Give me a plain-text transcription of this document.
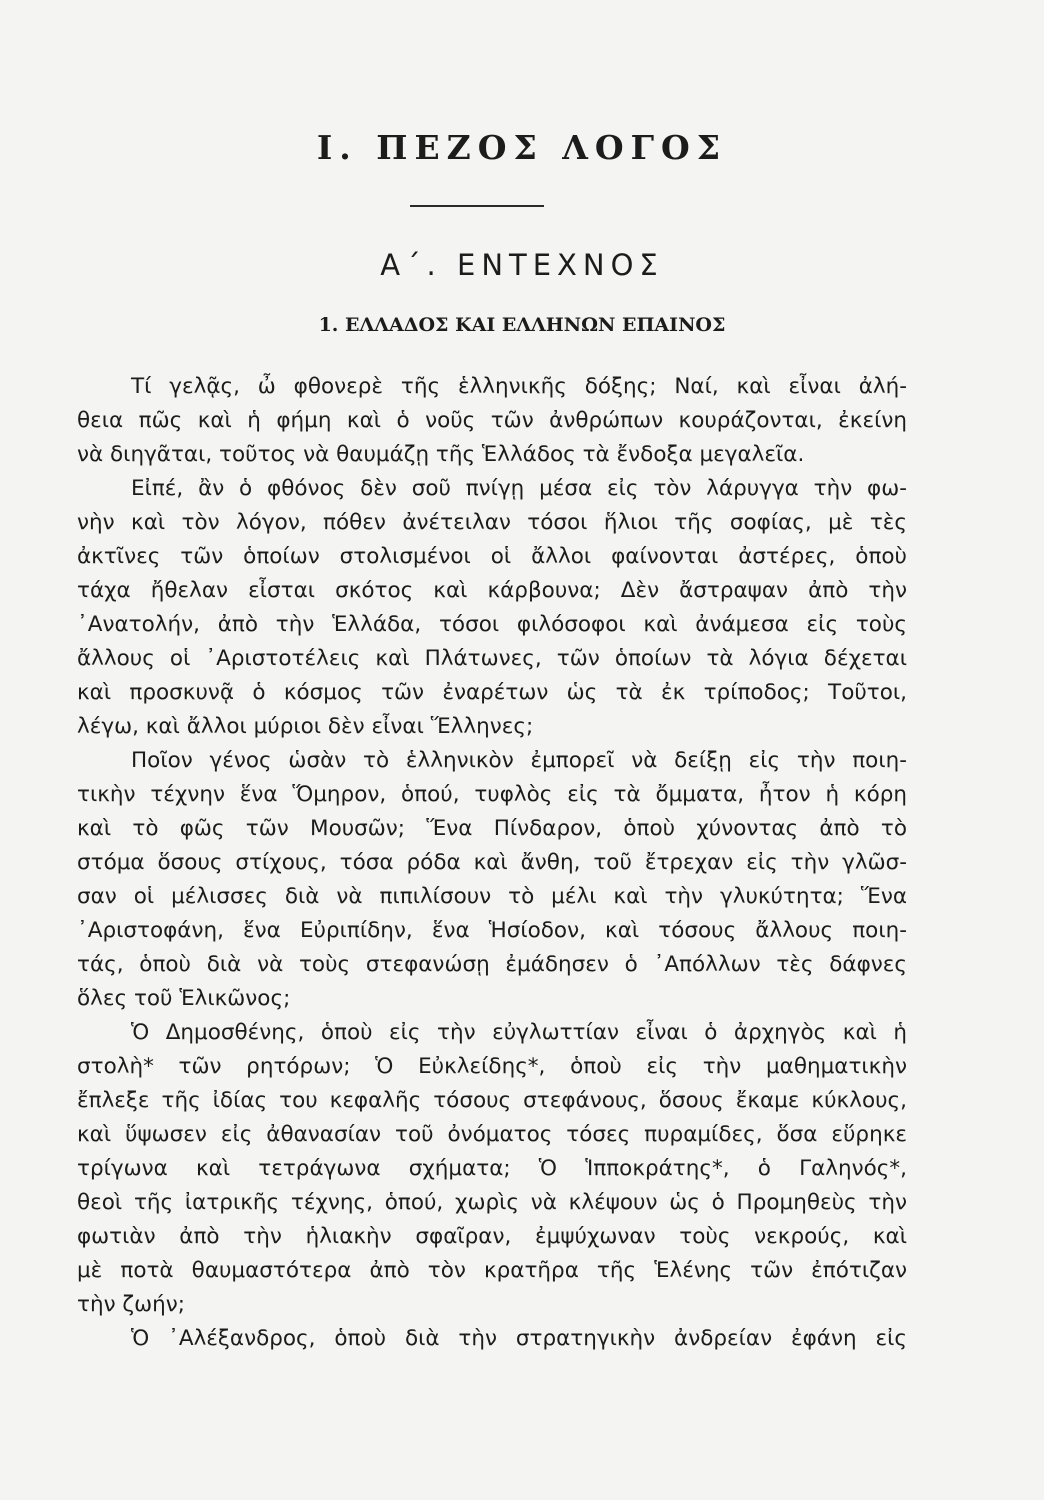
Ι. ΠΕΖΟΣ ΛΟΓΟΣ
Α΄. ΕΝΤΕΧΝΟΣ
1. ΕΛΛΑΔΟΣ ΚΑΙ ΕΛΛΗΝΩΝ ΕΠΑΙΝΟΣ
Τί γελᾷς, ὦ φθονερὲ τῆς ἑλληνικῆς δόξης; Ναί, καὶ εἶναι ἀλή-
θεια πῶς καὶ ἡ φήμη καὶ ὁ νοῦς τῶν ἀνθρώπων κουράζονται, ἐκείνη
νὰ διηγᾶται, τοῦτος νὰ θαυμάζῃ τῆς Ἑλλάδος τὰ ἔνδοξα μεγαλεῖα.
Εἰπέ, ἂν ὁ φθόνος δὲν σοῦ πνίγῃ μέσα εἰς τὸν λάρυγγα τὴν φω-
νὴν καὶ τὸν λόγον, πόθεν ἀνέτειλαν τόσοι ἥλιοι τῆς σοφίας, μὲ τὲς
ἀκτῖνες τῶν ὁποίων στολισμένοι οἱ ἄλλοι φαίνονται ἀστέρες, ὁποὺ
τάχα ἤθελαν εἶσται σκότος καὶ κάρβουνα; Δὲν ἄστραψαν ἀπὸ τὴν
᾿Ανατολήν, ἀπὸ τὴν Ἑλλάδα, τόσοι φιλόσοφοι καὶ ἀνάμεσα εἰς τοὺς
ἄλλους οἱ ᾿Αριστοτέλεις καὶ Πλάτωνες, τῶν ὁποίων τὰ λόγια δέχεται
καὶ προσκυνᾷ ὁ κόσμος τῶν ἐναρέτων ὡς τὰ ἐκ τρίποδος; Τοῦτοι,
λέγω, καὶ ἄλλοι μύριοι δὲν εἶναι Ἕλληνες;
Ποῖον γένος ὡσὰν τὸ ἑλληνικὸν ἐμπορεῖ νὰ δείξῃ εἰς τὴν ποιη-
τικὴν τέχνην ἕνα Ὅμηρον, ὁπού, τυφλὸς εἰς τὰ ὄμματα, ἦτον ἡ κόρη
καὶ τὸ φῶς τῶν Μουσῶν; Ἕνα Πίνδαρον, ὁποὺ χύνοντας ἀπὸ τὸ
στόμα ὅσους στίχους, τόσα ρόδα καὶ ἄνθη, τοῦ ἔτρεχαν εἰς τὴν γλῶσ-
σαν οἱ μέλισσες διὰ νὰ πιπιλίσουν τὸ μέλι καὶ τὴν γλυκύτητα; Ἕνα
᾿Αριστοφάνη, ἕνα Εὐριπίδην, ἕνα Ἡσίοδον, καὶ τόσους ἄλλους ποιη-
τάς, ὁποὺ διὰ νὰ τοὺς στεφανώσῃ ἐμάδησεν ὁ ᾿Απόλλων τὲς δάφνες
ὅλες τοῦ Ἑλικῶνος;
Ὁ Δημοσθένης, ὁποὺ εἰς τὴν εὐγλωττίαν εἶναι ὁ ἀρχηγὸς καὶ ἡ
στολὴ* τῶν ρητόρων; Ὁ Εὐκλείδης*, ὁποὺ εἰς τὴν μαθηματικὴν
ἔπλεξε τῆς ἰδίας του κεφαλῆς τόσους στεφάνους, ὅσους ἔκαμε κύκλους,
καὶ ὕψωσεν εἰς ἀθανασίαν τοῦ ὀνόματος τόσες πυραμίδες, ὅσα εὕρηκε
τρίγωνα καὶ τετράγωνα σχήματα; Ὁ Ἱπποκράτης*, ὁ Γαληνός*,
θεοὶ τῆς ἰατρικῆς τέχνης, ὁπού, χωρὶς νὰ κλέψουν ὡς ὁ Προμηθεὺς τὴν
φωτιὰν ἀπὸ τὴν ἡλιακὴν σφαῖραν, ἐμψύχωναν τοὺς νεκρούς, καὶ
μὲ ποτὰ θαυμαστότερα ἀπὸ τὸν κρατῆρα τῆς Ἑλένης τῶν ἐπότιζαν
τὴν ζωήν;
Ὁ ᾿Αλέξανδρος, ὁποὺ διὰ τὴν στρατηγικὴν ἀνδρείαν ἐφάνη εἰς
